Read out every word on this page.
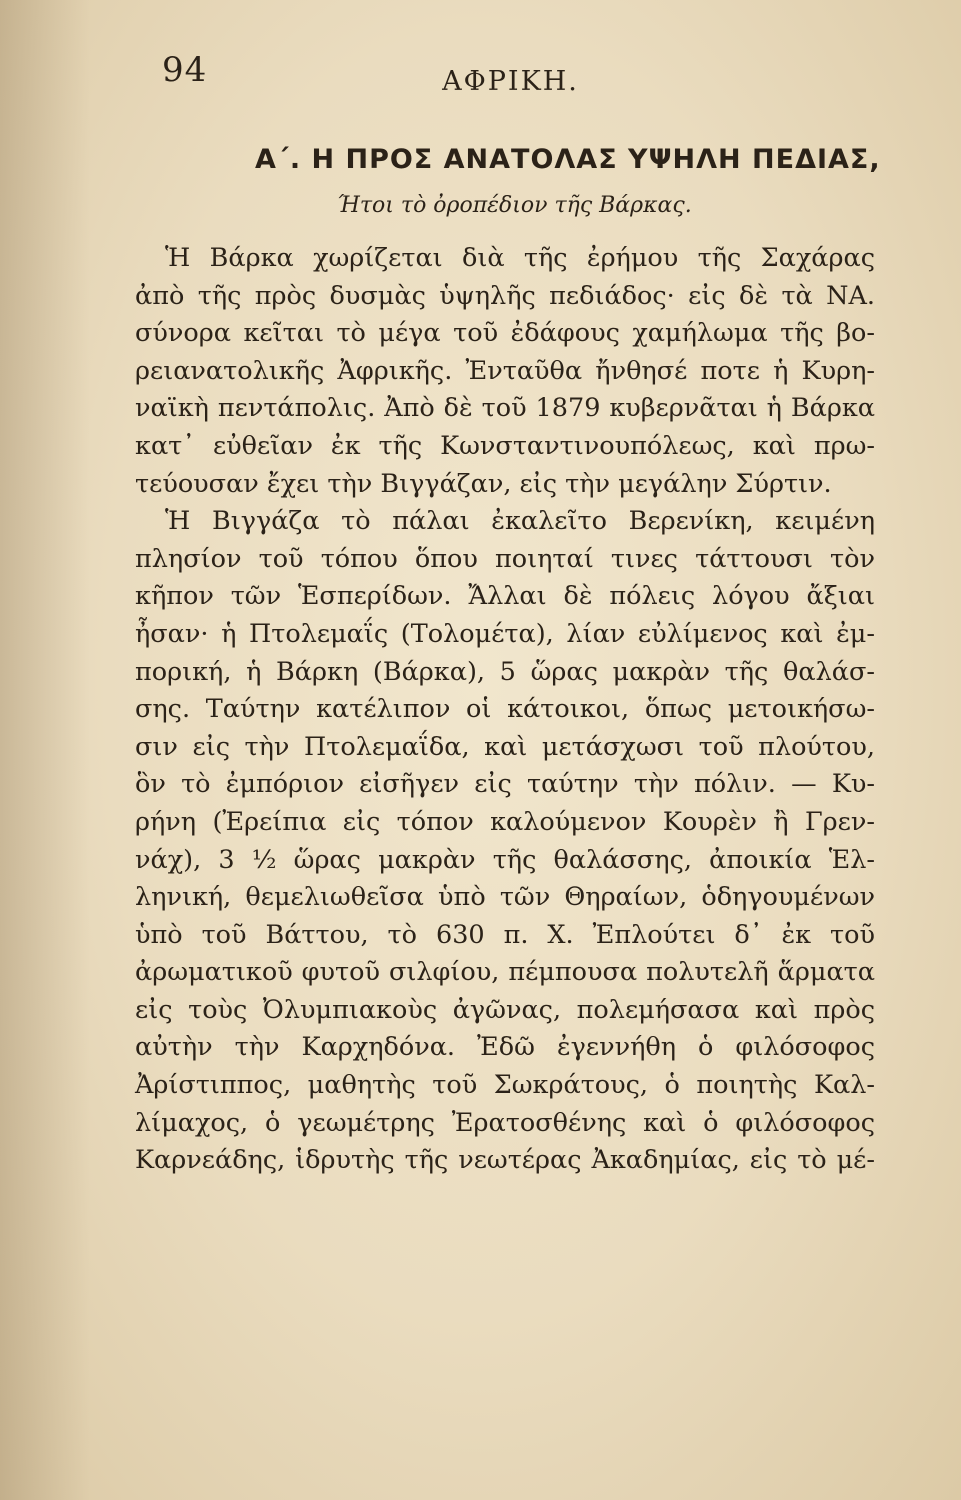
94	ΑΦΡΙΚΗ.
Α΄. Η ΠΡΟΣ ΑΝΑΤΟΛΑΣ ΥΨΗΛΗ ΠΕΔΙΑΣ,
Ήτοι τὸ ὀροπέδιον τῆς Βάρκας.
Ἡ Βάρκα χωρίζεται διὰ τῆς ἐρήμου τῆς Σαχάρας
ἀπὸ τῆς πρὸς δυσμὰς ὑψηλῆς πεδιάδος· εἰς δὲ τὰ ΝΑ.
σύνορα κεῖται τὸ μέγα τοῦ ἐδάφους χαμήλωμα τῆς βο-
ρειανατολικῆς Ἀφρικῆς. Ἐνταῦθα ἤνθησέ ποτε ἡ Κυρη-
ναϊκὴ πεντάπολις. Ἀπὸ δὲ τοῦ 1879 κυβερνᾶται ἡ Βάρκα
κατ᾿ εὐθεῖαν ἐκ τῆς Κωνσταντινουπόλεως, καὶ πρω-
τεύουσαν ἔχει τὴν Βιγγάζαν, εἰς τὴν μεγάλην Σύρτιν.
Ἡ Βιγγάζα τὸ πάλαι ἐκαλεῖτο Βερενίκη, κειμένη
πλησίον τοῦ τόπου ὅπου ποιηταί τινες τάττουσι τὸν
κῆπον τῶν Ἑσπερίδων. Ἄλλαι δὲ πόλεις λόγου ἄξιαι
ἦσαν· ἡ Πτολεμαΐς (Τολομέτα), λίαν εὐλίμενος καὶ ἐμ-
πορική, ἡ Βάρκη (Βάρκα), 5 ὥρας μακρὰν τῆς θαλάσ-
σης. Ταύτην κατέλιπον οἱ κάτοικοι, ὅπως μετοικήσω-
σιν εἰς τὴν Πτολεμαΐδα, καὶ μετάσχωσι τοῦ πλούτου,
ὃν τὸ ἐμπόριον εἰσῆγεν εἰς ταύτην τὴν πόλιν. — Κυ-
ρήνη (Ἐρείπια εἰς τόπον καλούμενον Κουρὲν ἢ Γρεν-
νάχ), 3 ½ ὥρας μακρὰν τῆς θαλάσσης, ἀποικία Ἑλ-
ληνική, θεμελιωθεῖσα ὑπὸ τῶν Θηραίων, ὁδηγουμένων
ὑπὸ τοῦ Βάττου, τὸ 630 π. Χ. Ἐπλούτει δ᾿ ἐκ τοῦ
ἀρωματικοῦ φυτοῦ σιλφίου, πέμπουσα πολυτελῆ ἅρματα
εἰς τοὺς Ὀλυμπιακοὺς ἀγῶνας, πολεμήσασα καὶ πρὸς
αὐτὴν τὴν Καρχηδόνα. Ἐδῶ ἐγεννήθη ὁ φιλόσοφος
Ἀρίστιππος, μαθητὴς τοῦ Σωκράτους, ὁ ποιητὴς Καλ-
λίμαχος, ὁ γεωμέτρης Ἐρατοσθένης καὶ ὁ φιλόσοφος
Καρνεάδης, ἱδρυτὴς τῆς νεωτέρας Ἀκαδημίας, εἰς τὸ μέ-
